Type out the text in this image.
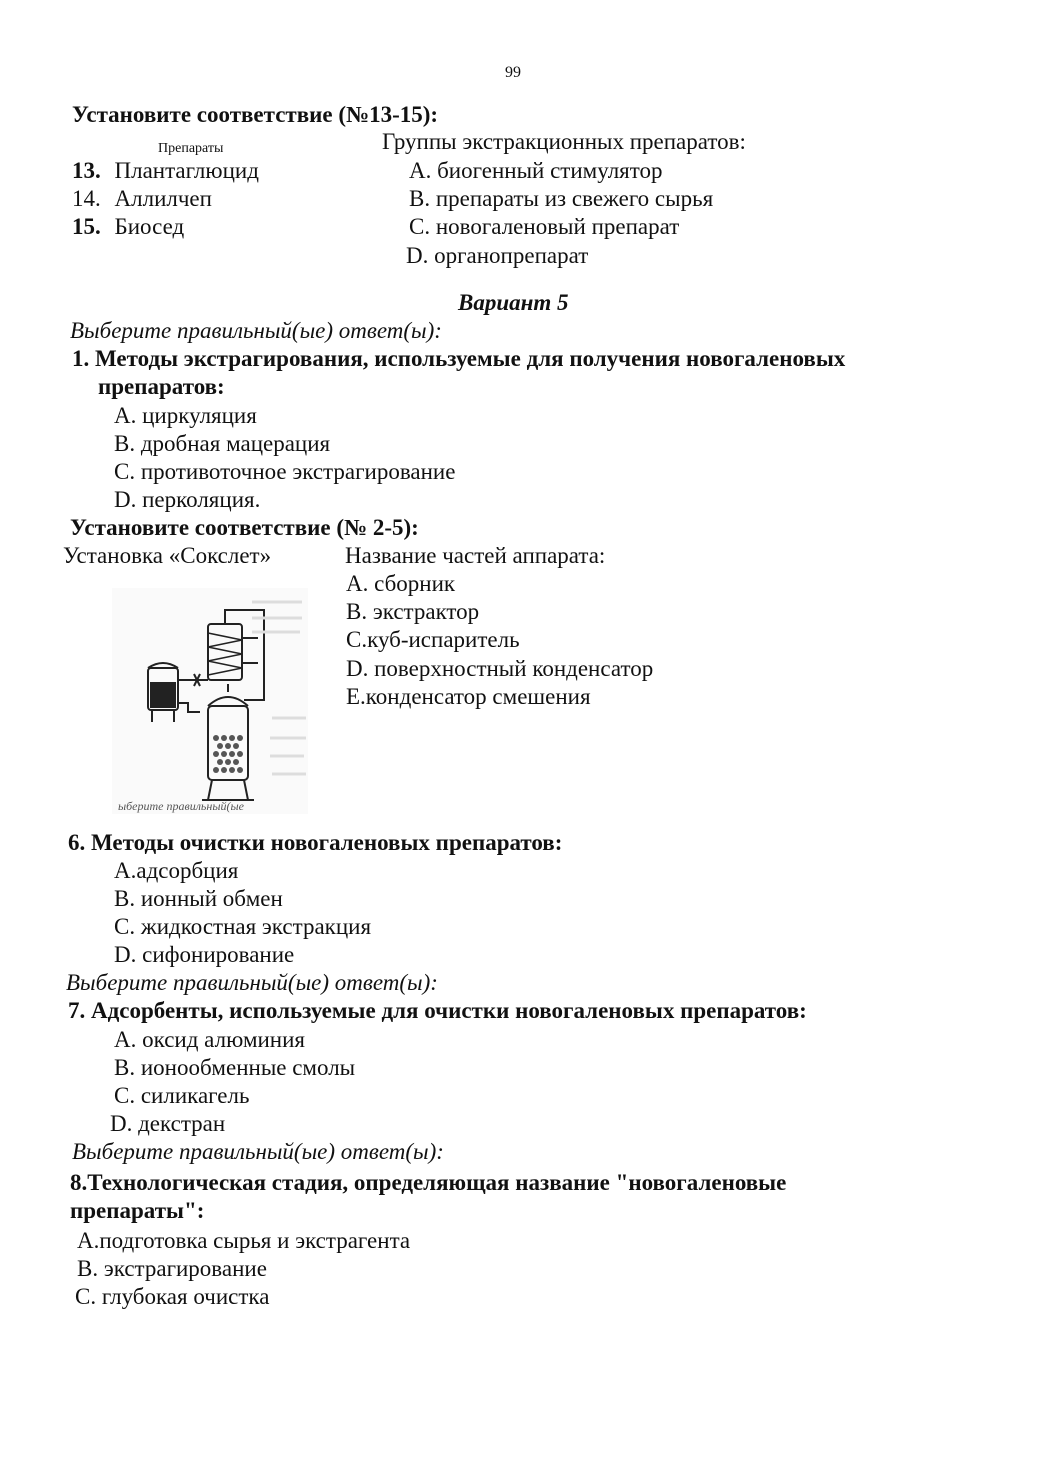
99
Установите соответствие (№13-15):
Препараты	Группы экстракционных препаратов:
13. Плантаглюцид
14. Аллилчеп
15. Биосед
A. биогенный стимулятор
B. препараты из свежего сырья
C. новогаленовый препарат
D. органопрепарат
Вариант 5
Выберите правильный(ые) ответ(ы):
1. Методы экстрагирования, используемые для получения новогаленовых
препаратов:
A. циркуляция
B. дробная мацерация
C. противоточное экстрагирование
D. перколяция.
Установите соответствие (№ 2-5):
Установка «Сокслет»	Название частей аппарата:
A. сборник
B. экстрактор
C.куб-испаритель
D. поверхностный конденсатор
E.конденсатор смешения
ыберите правильный(ые
6. Методы очистки новогаленовых препаратов:
A.адсорбция
B. ионный обмен
C. жидкостная экстракция
D. сифонирование
Выберите правильный(ые) ответ(ы):
7. Адсорбенты, используемые для очистки новогаленовых препаратов:
A. оксид алюминия
B. ионообменные смолы
C. силикагель
D. декстран
Выберите правильный(ые) ответ(ы):
8.Технологическая стадия, определяющая название "новогаленовые
препараты":
A.подготовка сырья и экстрагента
B. экстрагирование
C. глубокая очистка
